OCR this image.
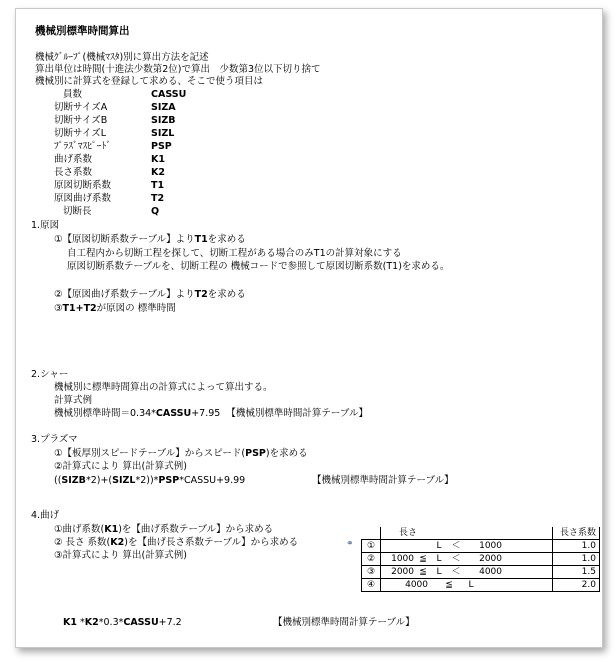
機械別標準時間算出
機械ｸﾞﾙｰﾌﾟ(機械ﾏｽﾀ)別に算出方法を記述
算出単位は時間(十進法少数第2位)で算出　少数第3位以下切り捨て
機械別に計算式を登録して求める、そこで使う項目は
員数	CASSU
切断サイズA	SIZA
切断サイズB	SIZB
切断サイズL	SIZL
ﾌﾟﾗｽﾞﾏｽﾋﾟｰﾄﾞ	PSP
曲げ系数	K1
長さ系数	K2
原図切断系数	T1
原図曲げ系数	T2
切断長	Q
1.原図
①【原図切断系数テーブル】よりT1を求める
自工程内から切断工程を探して、切断工程がある場合のみT1の計算対象にする
原図切断系数テーブルを、切断工程の 機械コードで参照して原図切断系数(T1)を求める。
②【原図曲げ系数テーブル】よりT2を求める
③T1+T2が原図の 標準時間
2.シャー
機械別に標準時間算出の計算式によって算出する。
計算式例
機械別標準時間＝0.34*CASSU+7.95 【機械別標準時間計算テーブル】
3.プラズマ
①【板厚別スピードテーブル】からスピード(PSP)を求める
②計算式により 算出(計算式例)
((SIZB*2)+(SIZL*2))*PSP*CASSU+9.99	【機械別標準時間計算テーブル】
4.曲げ
①曲げ系数(K1)を【曲げ系数テーブル】から求める
② 長さ 系数(K2)を【曲げ長さ系数テーブル】から求める
③計算式により 算出(計算式例)
	長さ	長さ系数
①	L ＜ 1000	1.0
②	1000 ≦ L ＜ 2000	1.0
③	2000 ≦ L ＜ 4000	1.5
④	4000 ≦ L	2.0
⚭
K1 *K2*0.3*CASSU+7.2	【機械別標準時間計算テーブル】
